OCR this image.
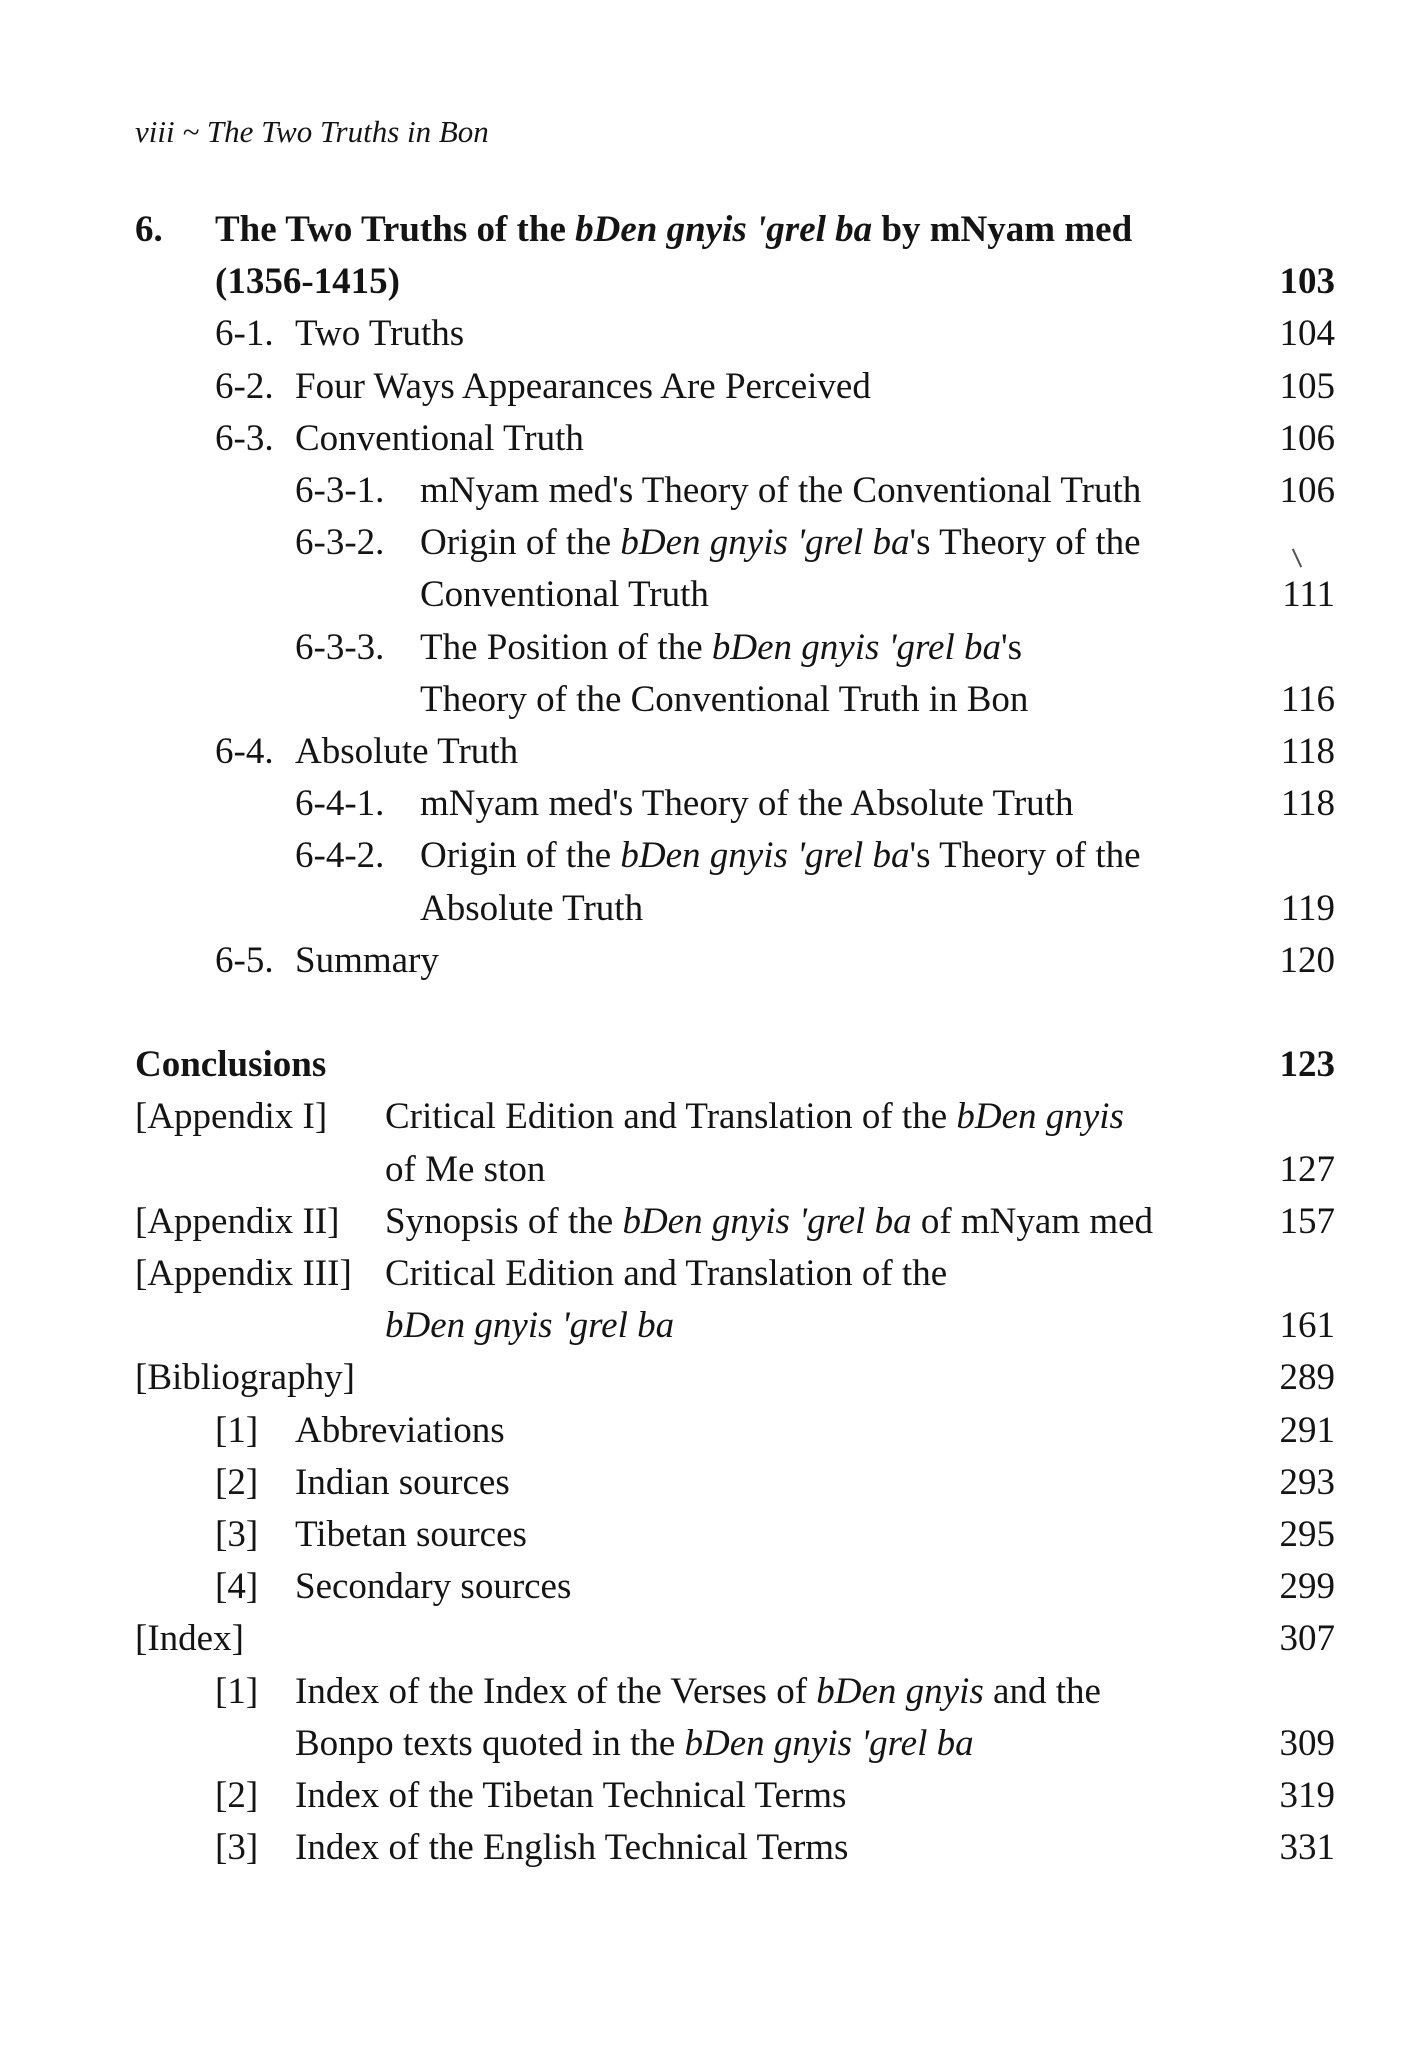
viii ~ The Two Truths in Bon
6. The Two Truths of the bDen gnyis 'grel ba by mNyam med
(1356-1415)	103
6-1. Two Truths	104
6-2. Four Ways Appearances Are Perceived	105
6-3. Conventional Truth	106
6-3-1. mNyam med's Theory of the Conventional Truth	106
6-3-2. Origin of the bDen gnyis 'grel ba's Theory of the
Conventional Truth	111
6-3-3. The Position of the bDen gnyis 'grel ba's
Theory of the Conventional Truth in Bon	116
6-4. Absolute Truth	118
6-4-1. mNyam med's Theory of the Absolute Truth	118
6-4-2. Origin of the bDen gnyis 'grel ba's Theory of the
Absolute Truth	119
6-5. Summary	120
Conclusions	123
[Appendix I] Critical Edition and Translation of the bDen gnyis
of Me ston	127
[Appendix II] Synopsis of the bDen gnyis 'grel ba of mNyam med	157
[Appendix III] Critical Edition and Translation of the
bDen gnyis 'grel ba	161
[Bibliography]	289
[1] Abbreviations	291
[2] Indian sources	293
[3] Tibetan sources	295
[4] Secondary sources	299
[Index]	307
[1] Index of the Index of the Verses of bDen gnyis and the
Bonpo texts quoted in the bDen gnyis 'grel ba	309
[2] Index of the Tibetan Technical Terms	319
[3] Index of the English Technical Terms	331
